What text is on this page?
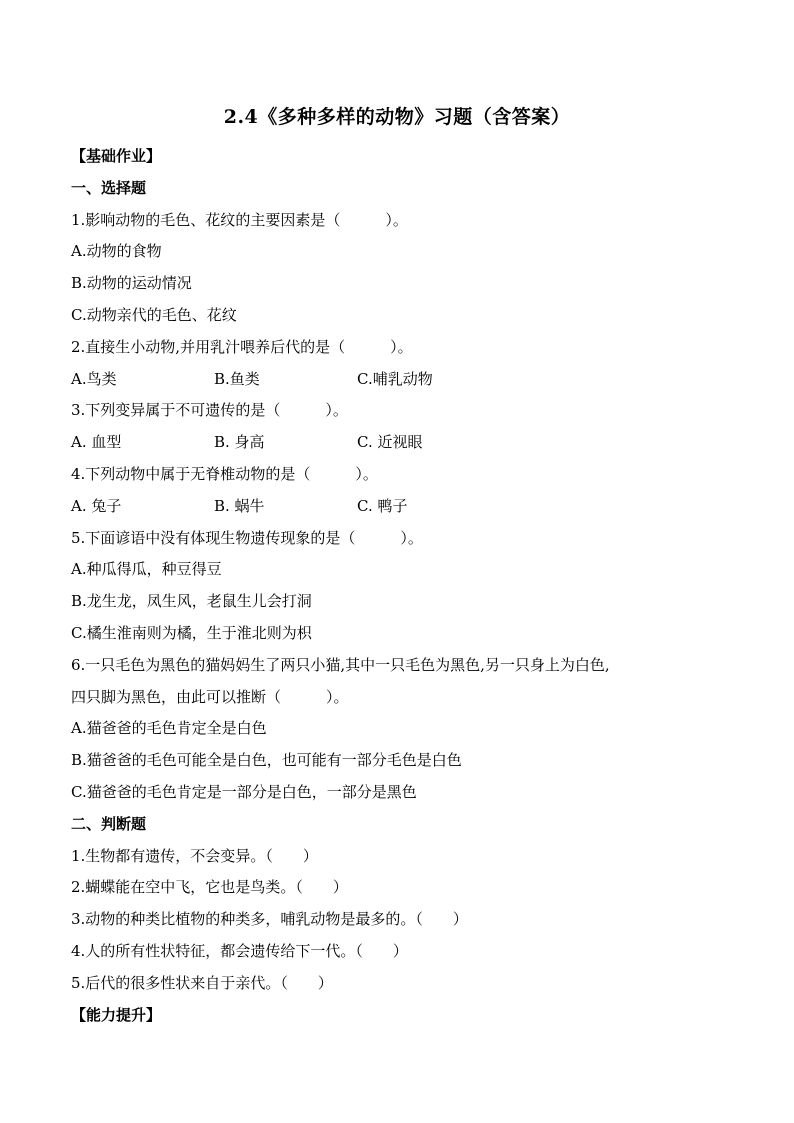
2.4《多种多样的动物》习题（含答案）
【基础作业】
一、选择题
1.影响动物的毛色、花纹的主要因素是（　　　）。
A.动物的食物
B.动物的运动情况
C.动物亲代的毛色、花纹
2.直接生小动物,并用乳汁喂养后代的是（　　　）。
A.鸟类	B.鱼类	C.哺乳动物
3.下列变异属于不可遗传的是（　　　）。
A. 血型	B. 身高	C. 近视眼
4.下列动物中属于无脊椎动物的是（　　　）。
A. 兔子	B. 蜗牛	C. 鸭子
5.下面谚语中没有体现生物遗传现象的是（　　　）。
A.种瓜得瓜，种豆得豆
B.龙生龙，凤生风，老鼠生儿会打洞
C.橘生淮南则为橘，生于淮北则为枳
6.一只毛色为黑色的猫妈妈生了两只小猫,其中一只毛色为黑色,另一只身上为白色,
四只脚为黑色，由此可以推断（　　　）。
A.猫爸爸的毛色肯定全是白色
B.猫爸爸的毛色可能全是白色，也可能有一部分毛色是白色
C.猫爸爸的毛色肯定是一部分是白色，一部分是黑色
二、判断题
1.生物都有遗传，不会变异。（　　）
2.蝴蝶能在空中飞，它也是鸟类。（　　）
3.动物的种类比植物的种类多，哺乳动物是最多的。（　　）
4.人的所有性状特征，都会遗传给下一代。（　　）
5.后代的很多性状来自于亲代。（　　）
【能力提升】
